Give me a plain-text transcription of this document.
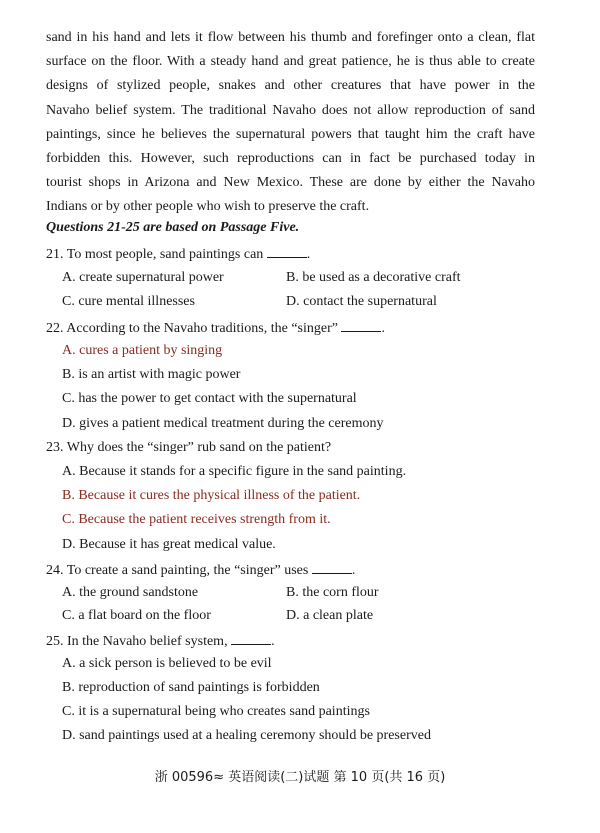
sand in his hand and lets it flow between his thumb and forefinger onto a clean, flat
surface on the floor. With a steady hand and great patience, he is thus able to create
designs of stylized people, snakes and other creatures that have power in the
Navaho belief system. The traditional Navaho does not allow reproduction of sand
paintings, since he believes the supernatural powers that taught him the craft have
forbidden this. However, such reproductions can in fact be purchased today in
tourist shops in Arizona and New Mexico. These are done by either the Navaho
Indians or by other people who wish to preserve the craft.
Questions 21-25 are based on Passage Five.
21. To most people, sand paintings can	.
A. create supernatural power	B. be used as a decorative craft
C. cure mental illnesses	D. contact the supernatural
22. According to the Navaho traditions, the “singer”	.
A. cures a patient by singing
B. is an artist with magic power
C. has the power to get contact with the supernatural
D. gives a patient medical treatment during the ceremony
23. Why does the “singer” rub sand on the patient?
A. Because it stands for a specific figure in the sand painting.
B. Because it cures the physical illness of the patient.
C. Because the patient receives strength from it.
D. Because it has great medical value.
24. To create a sand painting, the “singer” uses	.
A. the ground sandstone	B. the corn flour
C. a flat board on the floor	D. a clean plate
25. In the Navaho belief system,	.
A. a sick person is believed to be evil
B. reproduction of sand paintings is forbidden
C. it is a supernatural being who creates sand paintings
D. sand paintings used at a healing ceremony should be preserved
浙 00596≈ 英语阅读(二)试题 第 10 页(共 16 页)
